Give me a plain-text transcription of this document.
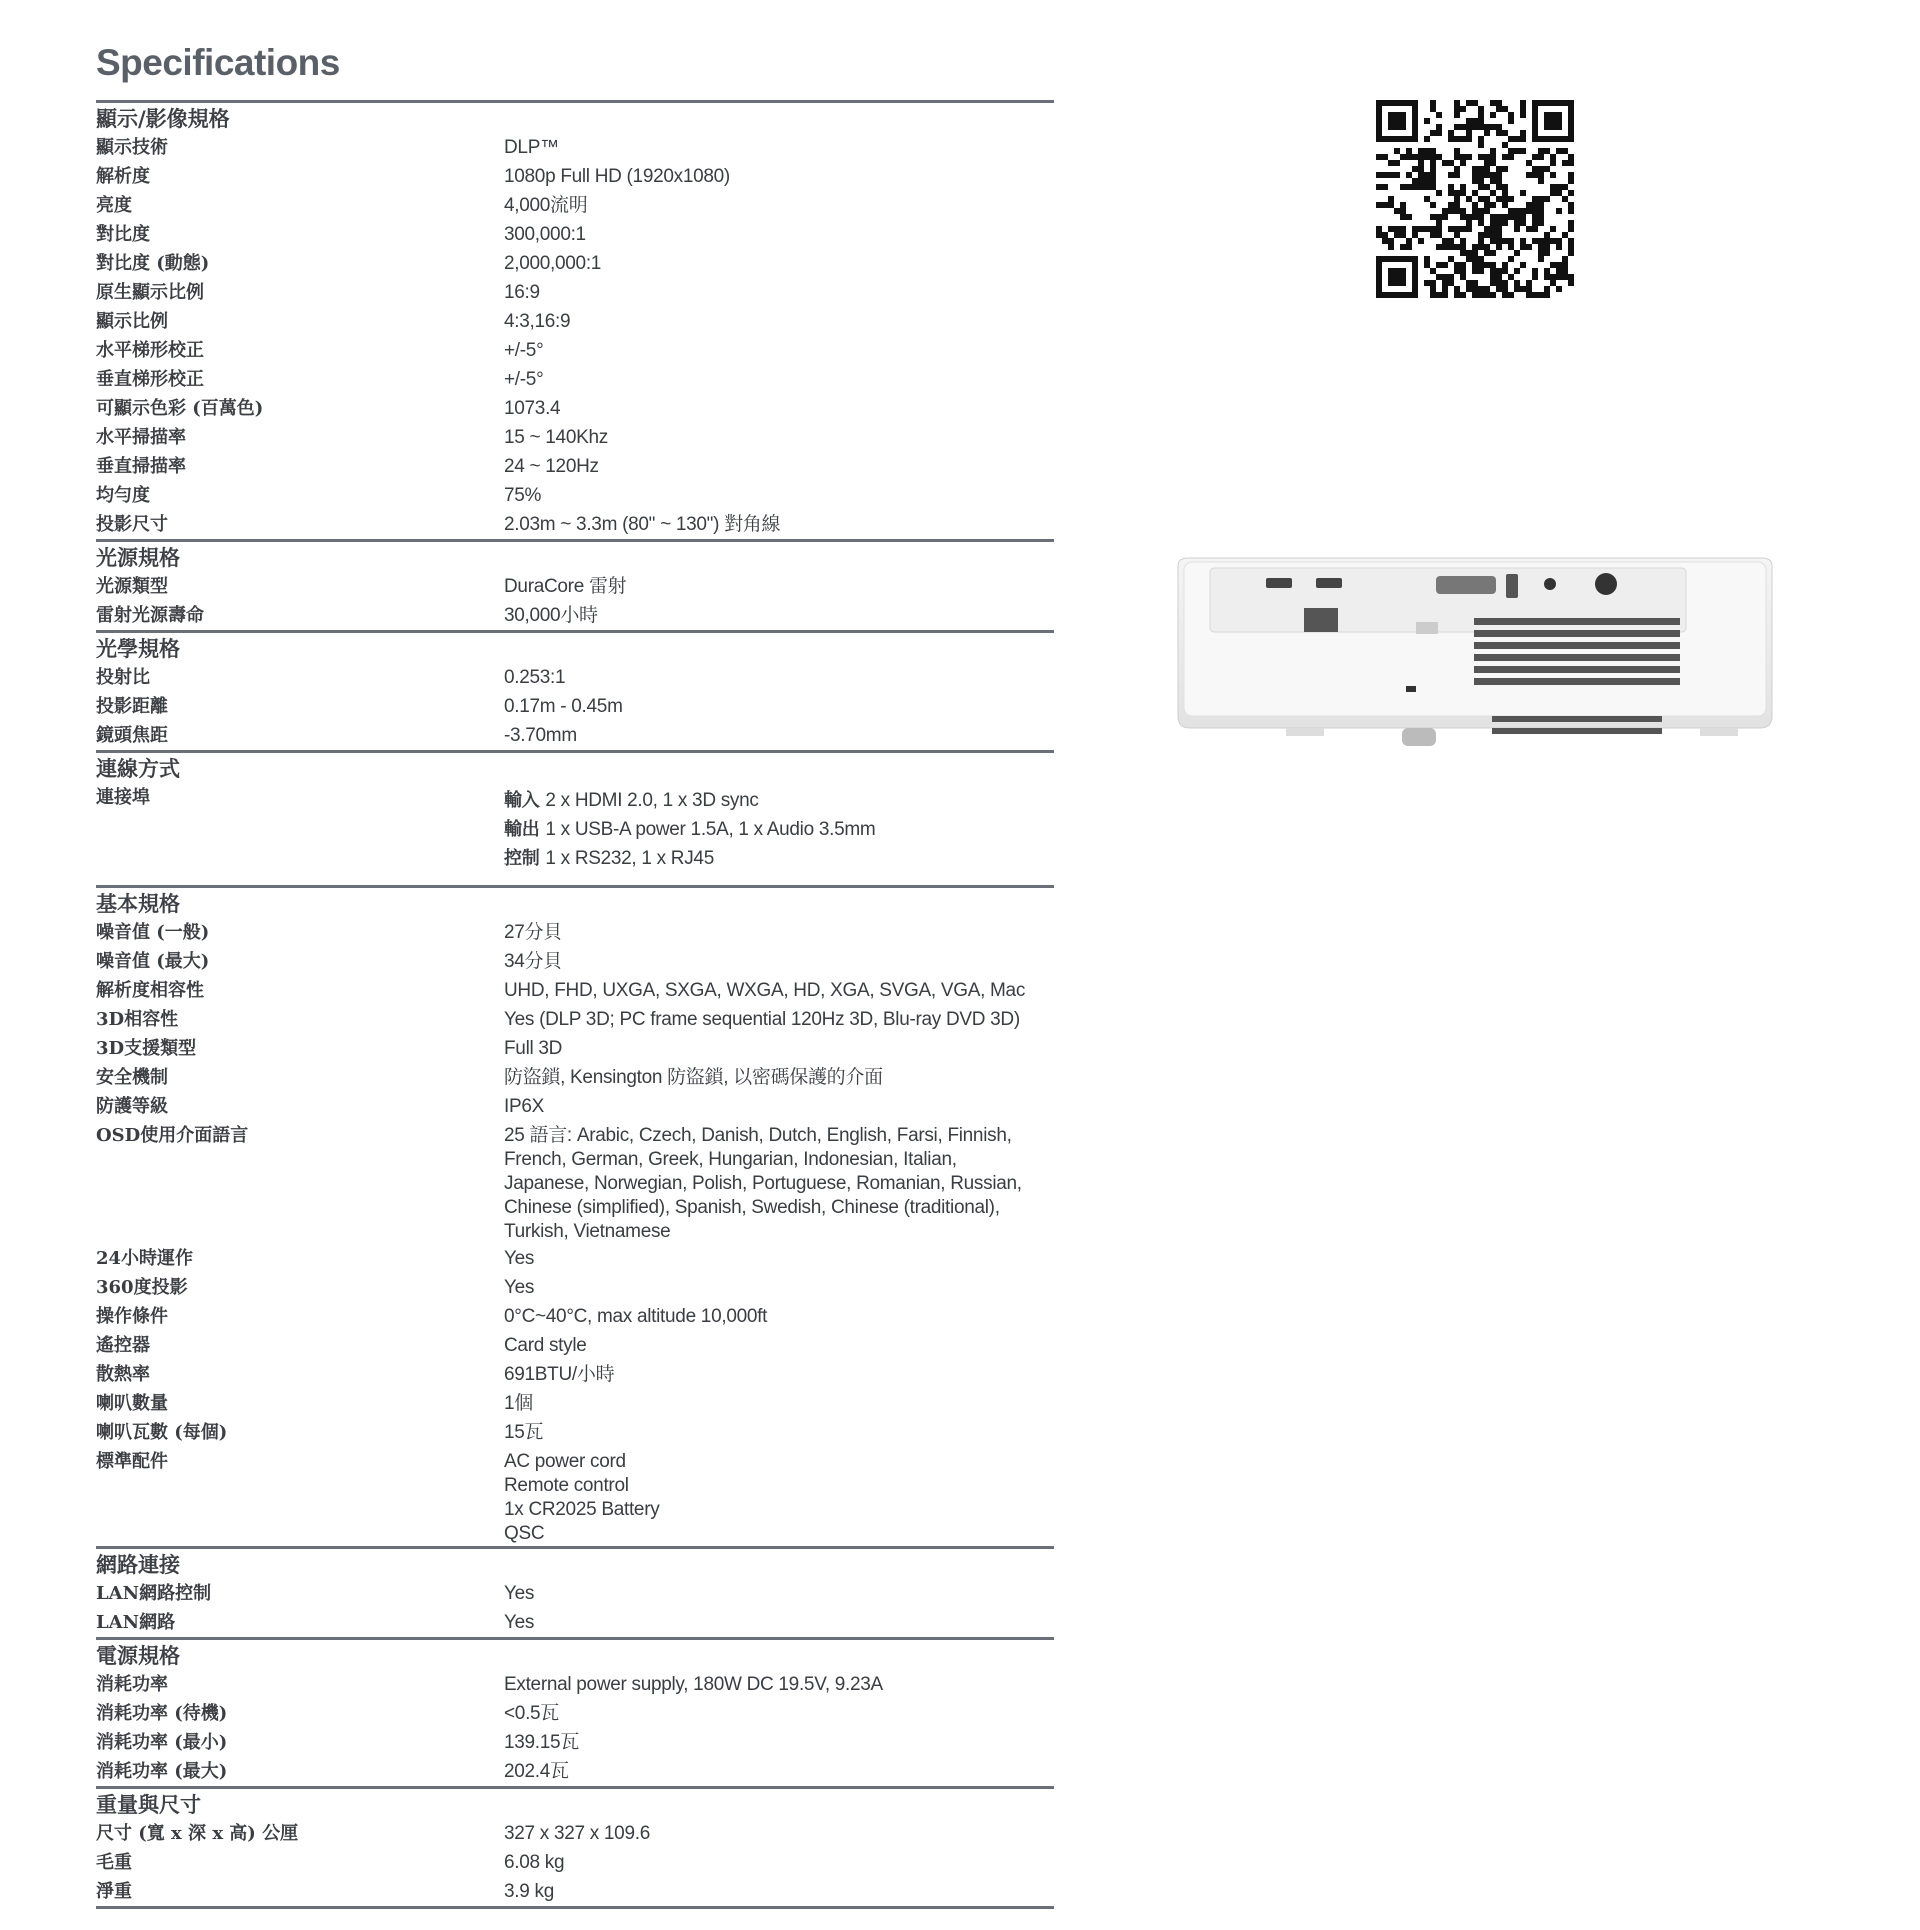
Specifications
顯示/影像規格
顯示技術	DLP™
解析度	1080p Full HD (1920x1080)
亮度	4,000流明
對比度	300,000:1
對比度 (動態)	2,000,000:1
原生顯示比例	16:9
顯示比例	4:3,16:9
水平梯形校正	+/-5°
垂直梯形校正	+/-5°
可顯示色彩 (百萬色)	1073.4
水平掃描率	15 ~ 140Khz
垂直掃描率	24 ~ 120Hz
均勻度	75%
投影尺寸	2.03m ~ 3.3m (80" ~ 130") 對角線
光源規格
光源類型	DuraCore 雷射
雷射光源壽命	30,000小時
光學規格
投射比	0.253:1
投影距離	0.17m - 0.45m
鏡頭焦距	-3.70mm
連線方式
連接埠	輸入 2 x HDMI 2.0, 1 x 3D sync
輸出 1 x USB-A power 1.5A, 1 x Audio 3.5mm
控制 1 x RS232, 1 x RJ45
基本規格
噪音值 (一般)	27分貝
噪音值 (最大)	34分貝
解析度相容性	UHD, FHD, UXGA, SXGA, WXGA, HD, XGA, SVGA, VGA, Mac
3D相容性	Yes (DLP 3D; PC frame sequential 120Hz 3D, Blu-ray DVD 3D)
3D支援類型	Full 3D
安全機制	防盜鎖, Kensington 防盜鎖, 以密碼保護的介面
防護等級	IP6X
OSD使用介面語言	25 語言: Arabic, Czech, Danish, Dutch, English, Farsi, Finnish,
French, German, Greek, Hungarian, Indonesian, Italian,
Japanese, Norwegian, Polish, Portuguese, Romanian, Russian,
Chinese (simplified), Spanish, Swedish, Chinese (traditional),
Turkish, Vietnamese
24小時運作	Yes
360度投影	Yes
操作條件	0°C~40°C, max altitude 10,000ft
遙控器	Card style
散熱率	691BTU/小時
喇叭數量	1個
喇叭瓦數 (每個)	15瓦
標準配件	AC power cord
Remote control
1x CR2025 Battery
QSC
網路連接
LAN網路控制	Yes
LAN網路	Yes
電源規格
消耗功率	External power supply, 180W DC 19.5V, 9.23A
消耗功率 (待機)	<0.5瓦
消耗功率 (最小)	139.15瓦
消耗功率 (最大)	202.4瓦
重量與尺寸
尺寸 (寬 x 深 x 高) 公厘	327 x 327 x 109.6
毛重	6.08 kg
淨重	3.9 kg
